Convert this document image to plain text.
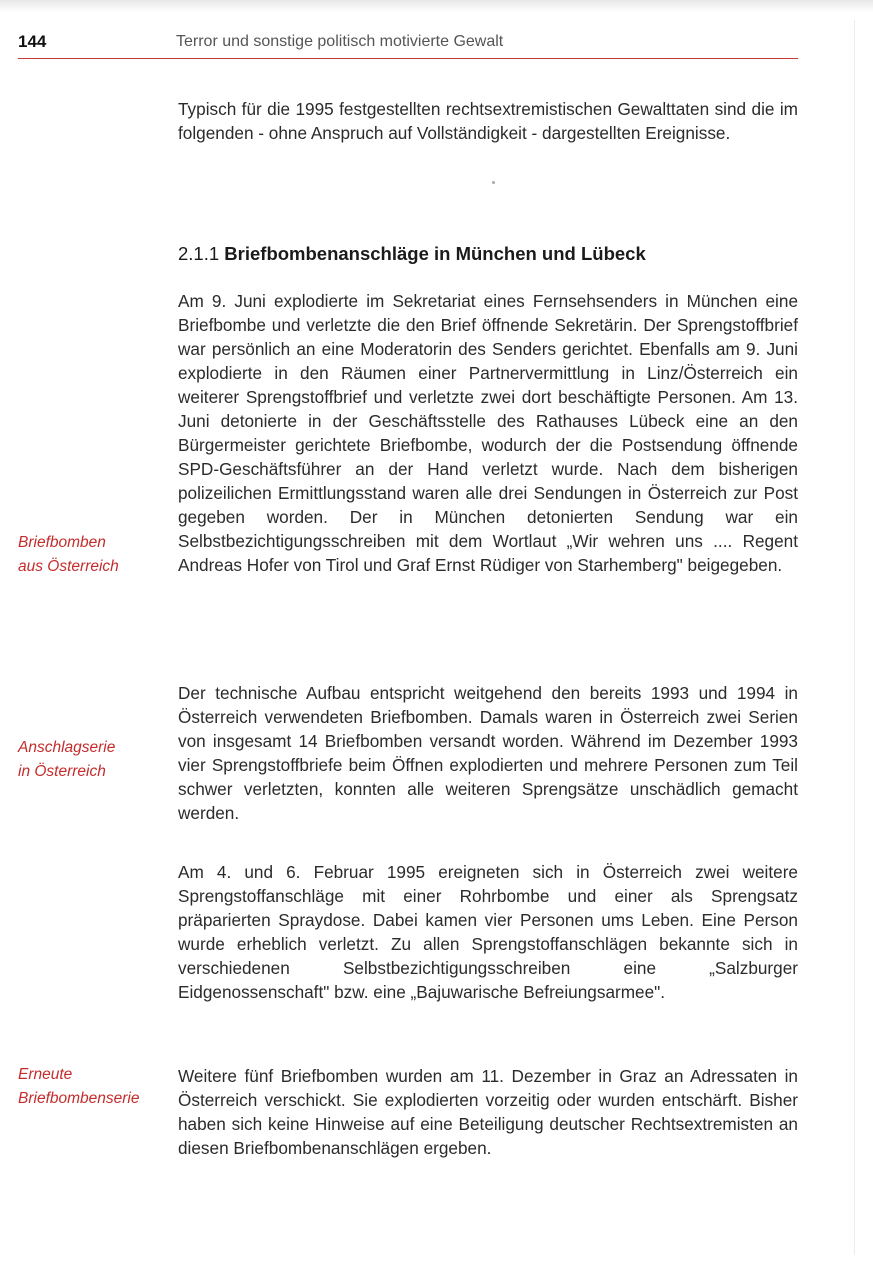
144	Terror und sonstige politisch motivierte Gewalt

Typisch für die 1995 festgestellten rechtsextremistischen Gewalttaten sind die im folgenden - ohne Anspruch auf Vollständigkeit - dargestellten Ereignisse.

2.1.1 Briefbombenanschläge in München und Lübeck

Am 9. Juni explodierte im Sekretariat eines Fernsehsenders in München eine Briefbombe und verletzte die den Brief öffnende Sekretärin. Der Sprengstoffbrief war persönlich an eine Moderatorin des Senders gerichtet. Ebenfalls am 9. Juni explodierte in den Räumen einer Partnervermittlung in Linz/Österreich ein weiterer Sprengstoffbrief und verletzte zwei dort beschäftigte Personen. Am 13. Juni detonierte in der Geschäftsstelle des Rathauses Lübeck eine an den Bürgermeister gerichtete Briefbombe, wodurch der die Postsendung öffnende SPD-Geschäftsführer an der Hand verletzt wurde. Nach dem bisherigen polizeilichen Ermittlungsstand waren alle drei Sendungen in Österreich zur Post gegeben worden. Der in München detonierten Sendung war ein Selbstbezichtigungsschreiben mit dem Wortlaut „Wir wehren uns .... Regent Andreas Hofer von Tirol und Graf Ernst Rüdiger von Starhemberg" beigegeben.

Der technische Aufbau entspricht weitgehend den bereits 1993 und 1994 in Österreich verwendeten Briefbomben. Damals waren in Österreich zwei Serien von insgesamt 14 Briefbomben versandt worden. Während im Dezember 1993 vier Sprengstoffbriefe beim Öffnen explodierten und mehrere Personen zum Teil schwer verletzten, konnten alle weiteren Sprengsätze unschädlich gemacht werden.

Am 4. und 6. Februar 1995 ereigneten sich in Österreich zwei weitere Sprengstoffanschläge mit einer Rohrbombe und einer als Sprengsatz präparierten Spraydose. Dabei kamen vier Personen ums Leben. Eine Person wurde erheblich verletzt. Zu allen Sprengstoffanschlägen bekannte sich in verschiedenen Selbstbezichtigungsschreiben eine „Salzburger Eidgenossenschaft" bzw. eine „Bajuwarische Befreiungsarmee".

Weitere fünf Briefbomben wurden am 11. Dezember in Graz an Adressaten in Österreich verschickt. Sie explodierten vorzeitig oder wurden entschärft. Bisher haben sich keine Hinweise auf eine Beteiligung deutscher Rechtsextremisten an diesen Briefbombenanschlägen ergeben.

Briefbomben
aus Österreich
Anschlagserie
in Österreich
Erneute
Briefbombenserie
